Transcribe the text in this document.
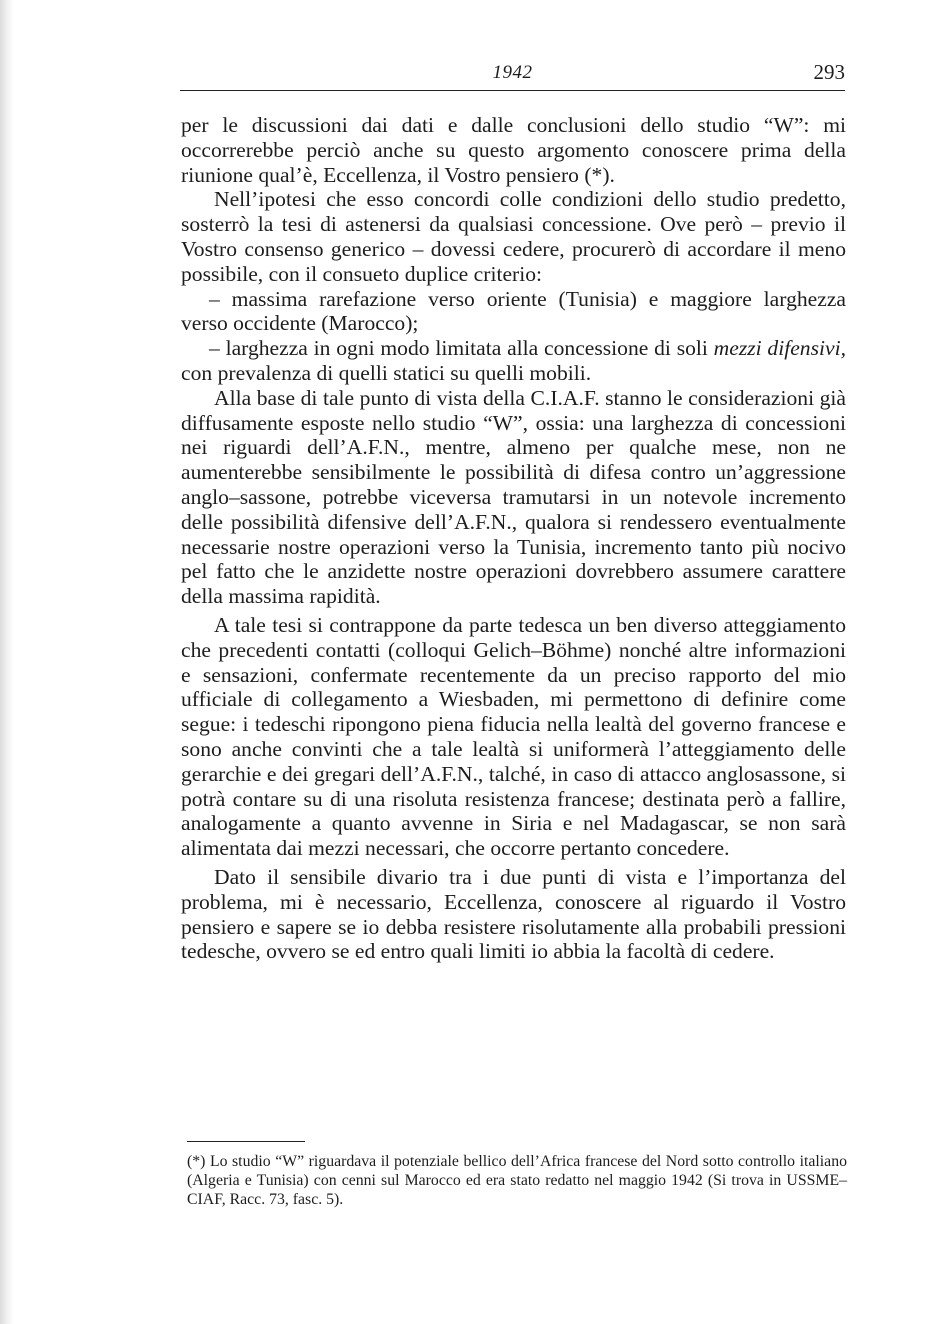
1942	293

per le discussioni dai dati e dalle conclusioni dello studio “W”: mi occorrerebbe perciò anche su questo argomento conoscere prima della riunione qual’è, Eccellenza, il Vostro pensiero (*).

Nell’ipotesi che esso concordi colle condizioni dello studio predetto, sosterrò la tesi di astenersi da qualsiasi concessione. Ove però – previo il Vostro consenso generico – dovessi cedere, procurerò di accordare il meno possibile, con il consueto duplice criterio:

– massima rarefazione verso oriente (Tunisia) e maggiore larghezza verso occidente (Marocco);

– larghezza in ogni modo limitata alla concessione di soli mezzi difensivi, con prevalenza di quelli statici su quelli mobili.

Alla base di tale punto di vista della C.I.A.F. stanno le considerazioni già diffusamente esposte nello studio “W”, ossia: una larghezza di concessioni nei riguardi dell’A.F.N., mentre, almeno per qualche mese, non ne aumenterebbe sensibilmente le possibilità di difesa contro un’aggressione anglo–sassone, potrebbe viceversa tramutarsi in un notevole incremento delle possibilità difensive dell’A.F.N., qualora si rendessero eventualmente necessarie nostre operazioni verso la Tunisia, incremento tanto più nocivo pel fatto che le anzidette nostre operazioni dovrebbero assumere carattere della massima rapidità.

A tale tesi si contrappone da parte tedesca un ben diverso atteggiamento che precedenti contatti (colloqui Gelich–Böhme) nonché altre informazioni e sensazioni, confermate recentemente da un preciso rapporto del mio ufficiale di collegamento a Wiesbaden, mi permettono di definire come segue: i tedeschi ripongono piena fiducia nella lealtà del governo francese e sono anche convinti che a tale lealtà si uniformerà l’atteggiamento delle gerarchie e dei gregari dell’A.F.N., talché, in caso di attacco anglosassone, si potrà contare su di una risoluta resistenza francese; destinata però a fallire, analogamente a quanto avvenne in Siria e nel Madagascar, se non sarà alimentata dai mezzi necessari, che occorre pertanto concedere.

Dato il sensibile divario tra i due punti di vista e l’importanza del problema, mi è necessario, Eccellenza, conoscere al riguardo il Vostro pensiero e sapere se io debba resistere risolutamente alla probabili pressioni tedesche, ovvero se ed entro quali limiti io abbia la facoltà di cedere.

(*) Lo studio “W” riguardava il potenziale bellico dell’Africa francese del Nord sotto controllo italiano (Algeria e Tunisia) con cenni sul Marocco ed era stato redatto nel maggio 1942 (Si trova in USSME–CIAF, Racc. 73, fasc. 5).
